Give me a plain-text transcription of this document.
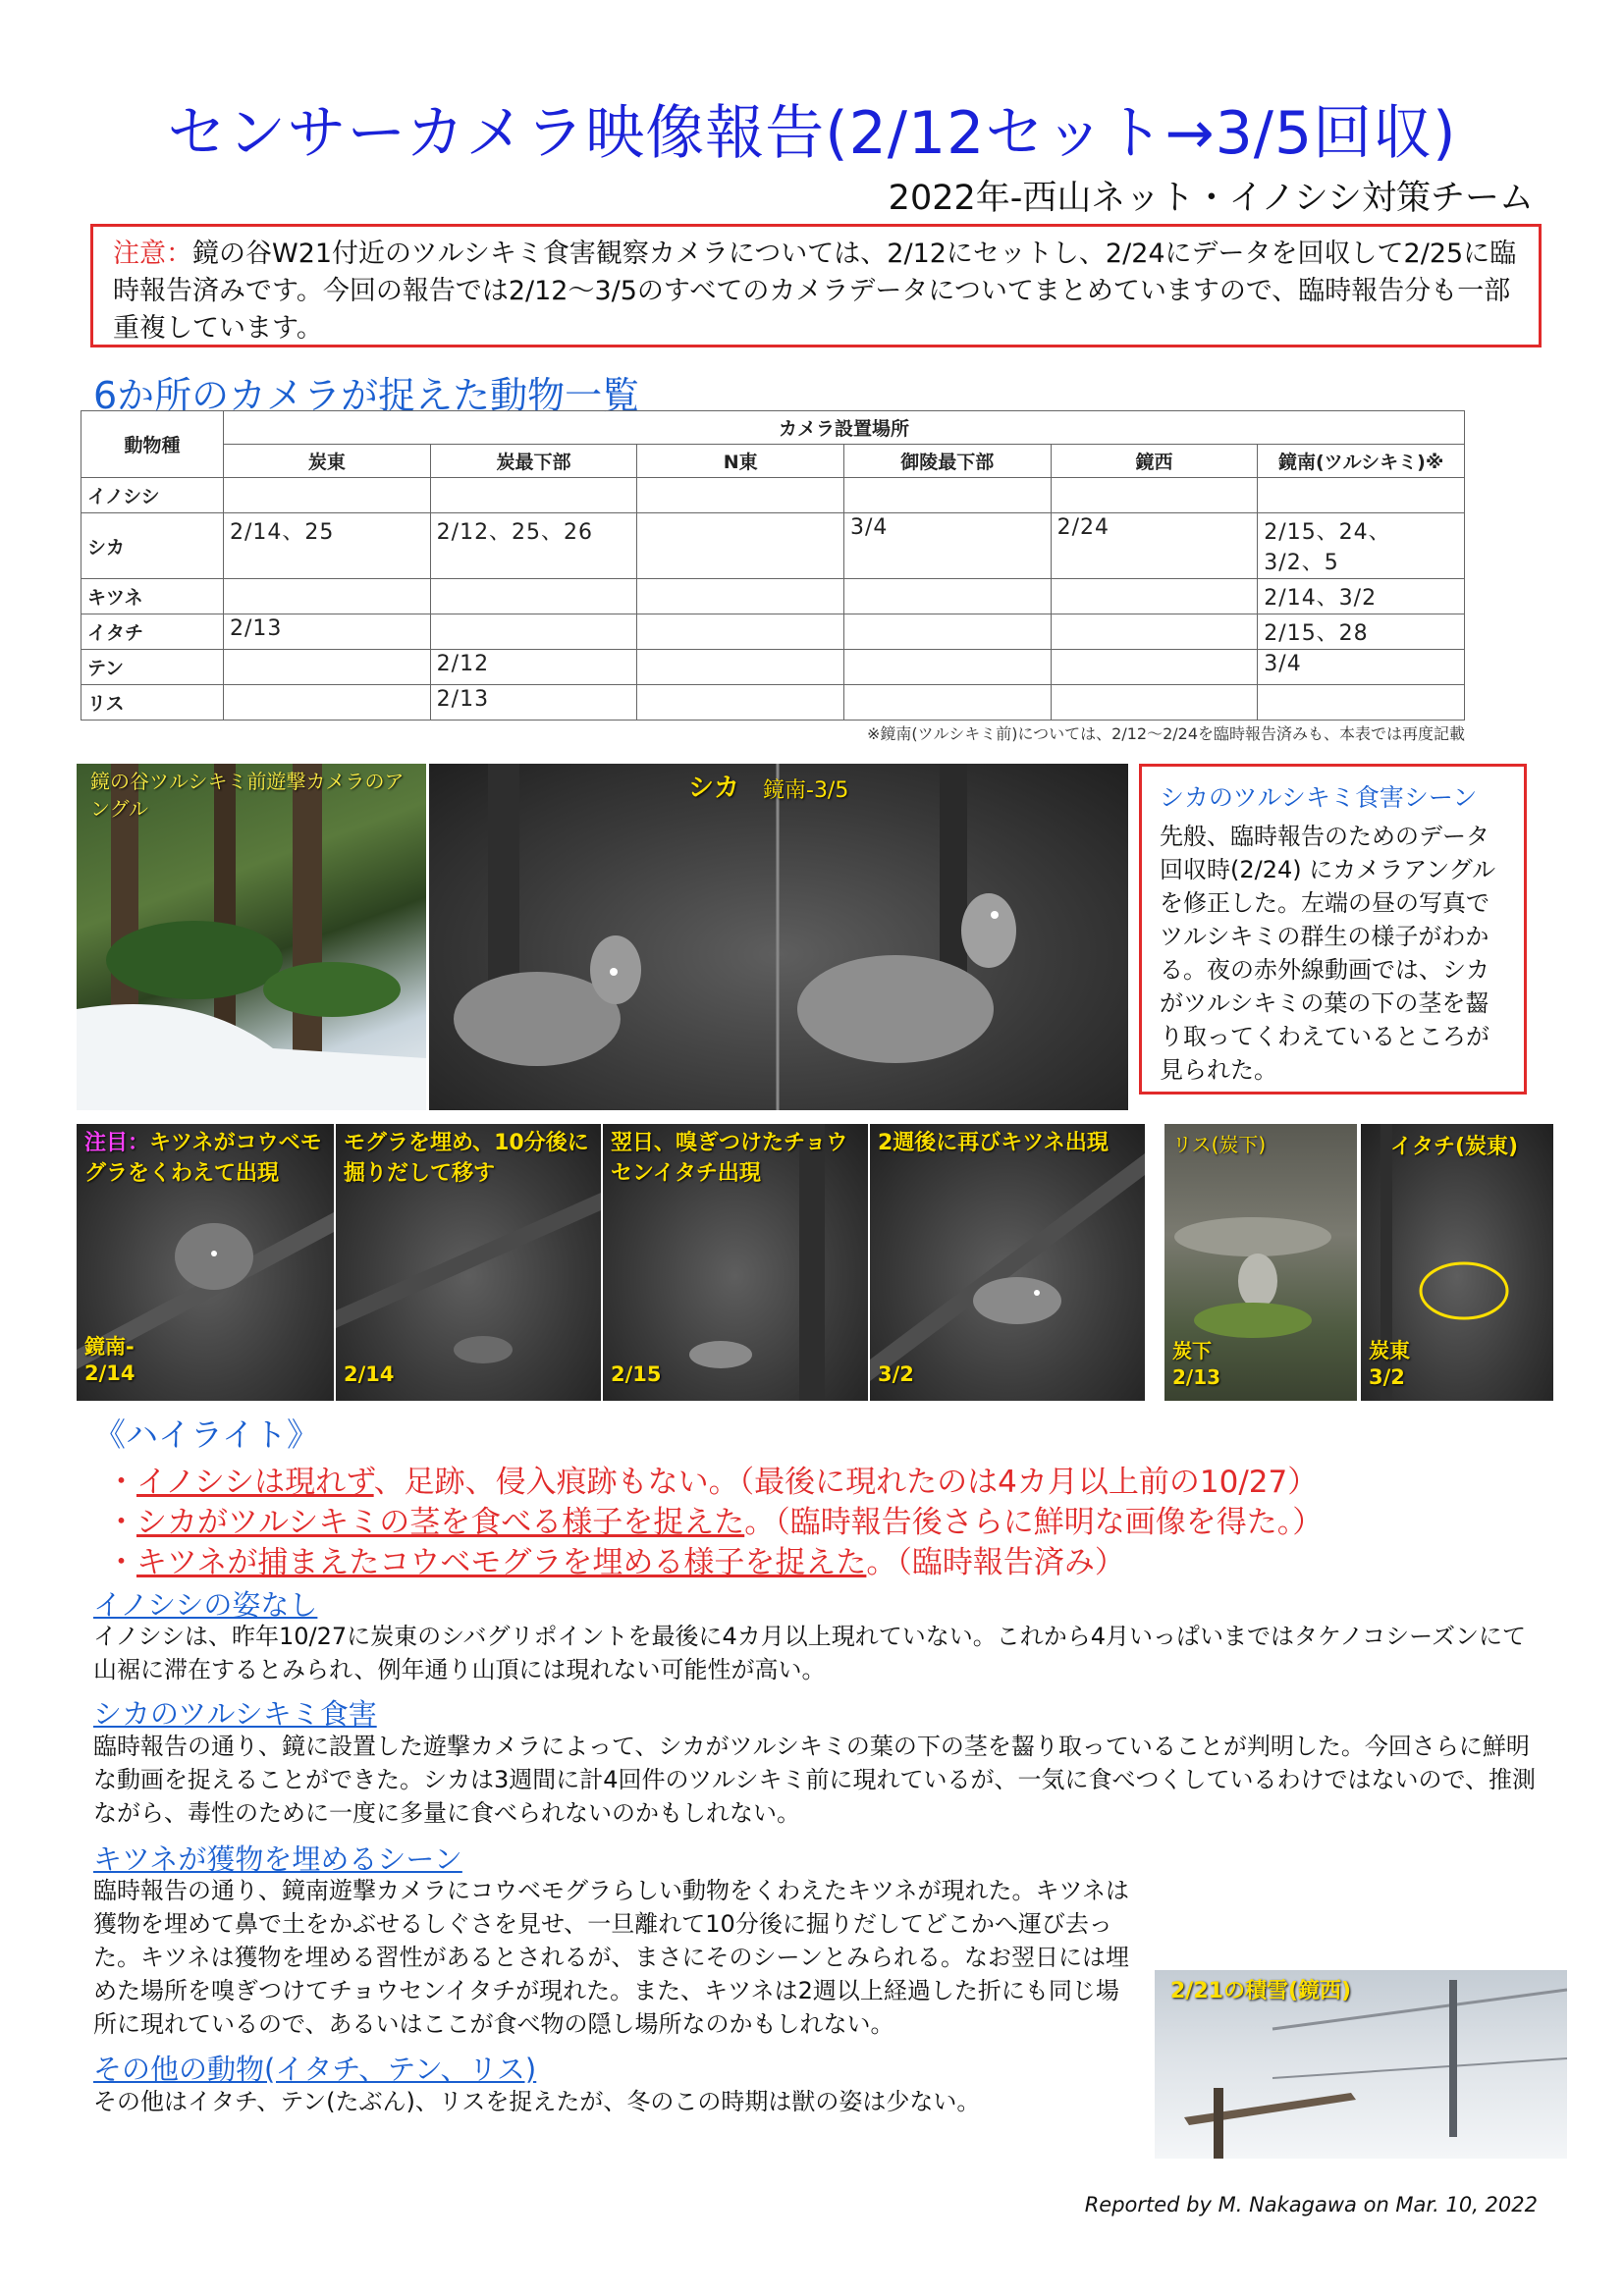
センサーカメラ映像報告(2/12セット→3/5回収)
2022年-西山ネット・イノシシ対策チーム
注意：鏡の谷W21付近のツルシキミ食害観察カメラについては、2/12にセットし、2/24にデータを回収して2/25に臨時報告済みです。今回の報告では2/12～3/5のすべてのカメラデータについてまとめていますので、臨時報告分も一部重複しています。
6か所のカメラが捉えた動物一覧
動物種	カメラ設置場所					
	炭東	炭最下部	N東	御陵最下部	鏡西	鏡南(ツルシキミ)※
イノシシ						
シカ	2/14、25	2/12、25、26		3/4	2/24	2/15、24、
3/2、5
キツネ						2/14、3/2
イタチ	2/13					2/15、28
テン		2/12				3/4
リス		2/13				
※鏡南(ツルシキミ前)については、2/12～2/24を臨時報告済みも、本表では再度記載
鏡の谷ツルシキミ前遊撃カメラのアングル
シカ 鏡南-3/5	シカのツルシキミ食害シーン
先般、臨時報告のためのデータ回収時(2/24) にカメラアングルを修正した。左端の昼の写真でツルシキミの群生の様子がわかる。夜の赤外線動画では、シカがツルシキミの葉の下の茎を齧り取ってくわえているところが見られた。
注目：キツネがコウベモグラをくわえて出現
鏡南-
2/14
モグラを埋め、10分後に掘りだして移す
2/14
翌日、嗅ぎつけたチョウセンイタチ出現
2/15
2週後に再びキツネ出現
3/2
リス(炭下)
炭下
2/13
イタチ(炭東)
炭東
3/2
《ハイライト》
・イノシシは現れず、足跡、侵入痕跡もない。（最後に現れたのは4カ月以上前の10/27）
・シカがツルシキミの茎を食べる様子を捉えた。（臨時報告後さらに鮮明な画像を得た。）
・キツネが捕まえたコウベモグラを埋める様子を捉えた。（臨時報告済み）
イノシシの姿なし
イノシシは、昨年10/27に炭東のシバグリポイントを最後に4カ月以上現れていない。これから4月いっぱいまではタケノコシーズンにて山裾に滞在するとみられ、例年通り山頂には現れない可能性が高い。
シカのツルシキミ食害
臨時報告の通り、鏡に設置した遊撃カメラによって、シカがツルシキミの葉の下の茎を齧り取っていることが判明した。今回さらに鮮明な動画を捉えることができた。シカは3週間に計4回件のツルシキミ前に現れているが、一気に食べつくしているわけではないので、推測ながら、毒性のために一度に多量に食べられないのかもしれない。
キツネが獲物を埋めるシーン
臨時報告の通り、鏡南遊撃カメラにコウベモグラらしい動物をくわえたキツネが現れた。キツネは獲物を埋めて鼻で土をかぶせるしぐさを見せ、一旦離れて10分後に掘りだしてどこかへ運び去った。キツネは獲物を埋める習性があるとされるが、まさにそのシーンとみられる。なお翌日には埋めた場所を嗅ぎつけてチョウセンイタチが現れた。また、キツネは2週以上経過した折にも同じ場所に現れているので、あるいはここが食べ物の隠し場所なのかもしれない。
その他の動物(イタチ、テン、リス)
その他はイタチ、テン(たぶん)、リスを捉えたが、冬のこの時期は獣の姿は少ない。
2/21の積雪(鏡西)
Reported by M. Nakagawa on Mar. 10, 2022
